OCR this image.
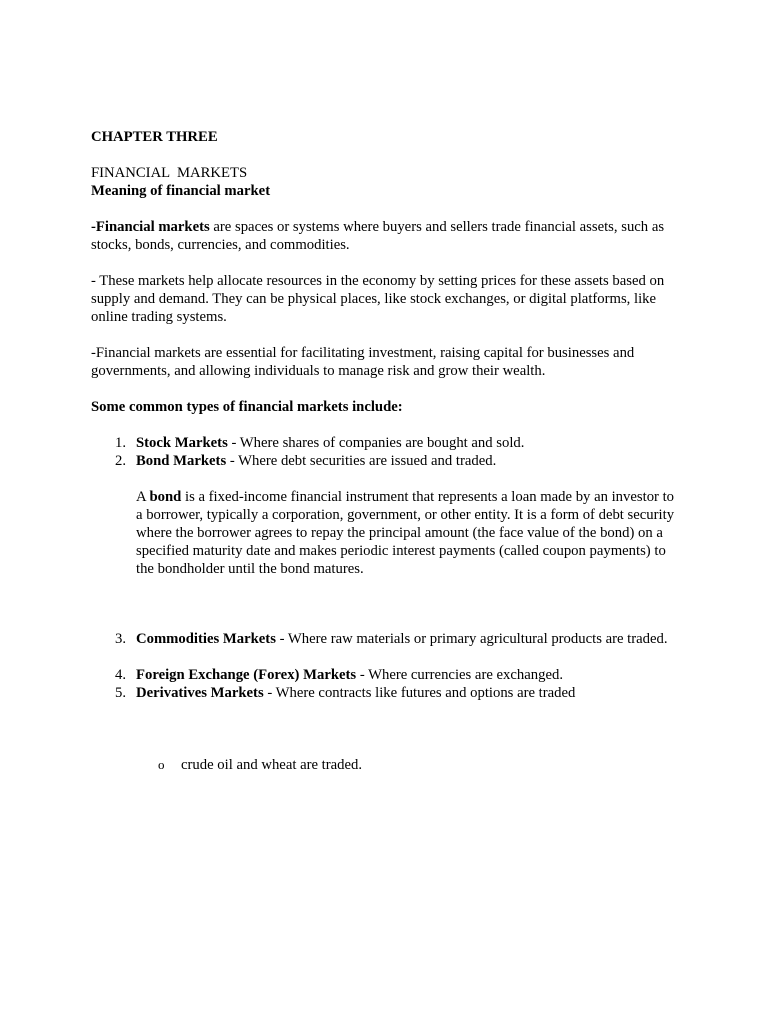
CHAPTER THREE
FINANCIAL  MARKETS
Meaning of financial market

-Financial markets are spaces or systems where buyers and sellers trade financial assets, such as stocks, bonds, currencies, and commodities.

- These markets help allocate resources in the economy by setting prices for these assets based on supply and demand. They can be physical places, like stock exchanges, or digital platforms, like online trading systems.

-Financial markets are essential for facilitating investment, raising capital for businesses and governments, and allowing individuals to manage risk and grow their wealth.

Some common types of financial markets include:
1. Stock Markets - Where shares of companies are bought and sold.
2. Bond Markets - Where debt securities are issued and traded.

A bond is a fixed-income financial instrument that represents a loan made by an investor to a borrower, typically a corporation, government, or other entity. It is a form of debt security where the borrower agrees to repay the principal amount (the face value of the bond) on a specified maturity date and makes periodic interest payments (called coupon payments) to the bondholder until the bond matures.

3. Commodities Markets - Where raw materials or primary agricultural products are traded.
4. Foreign Exchange (Forex) Markets - Where currencies are exchanged.
5. Derivatives Markets - Where contracts like futures and options are traded
o crude oil and wheat are traded.
